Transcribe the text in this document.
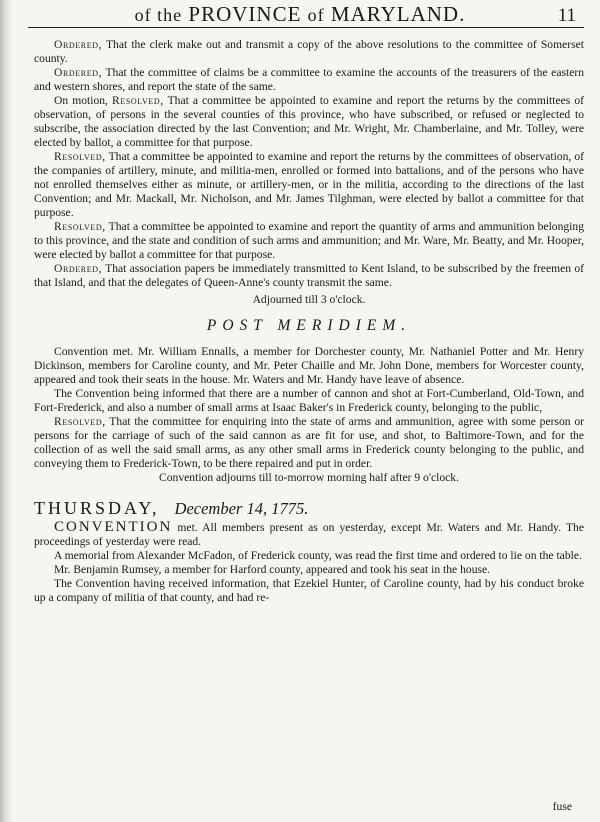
of the PROVINCE of MARYLAND.	11

Ordered, That the clerk make out and transmit a copy of the above resolutions to the committee of Somerset county.

Ordered, That the committee of claims be a committee to examine the accounts of the treasurers of the eastern and western shores, and report the state of the same.

On motion, Resolved, That a committee be appointed to examine and report the returns by the committees of observation, of persons in the several counties of this province, who have subscribed, or refused or neglected to subscribe, the association directed by the last Convention; and Mr. Wright, Mr. Chamberlaine, and Mr. Tolley, were elected by ballot, a committee for that purpose.

Resolved, That a committee be appointed to examine and report the returns by the committees of observation, of the companies of artillery, minute, and militia-men, enrolled or formed into battalions, and of the persons who have not enrolled themselves either as minute, or artillery-men, or in the militia, according to the directions of the last Convention; and Mr. Mackall, Mr. Nicholson, and Mr. James Tilghman, were elected by ballot a committee for that purpose.

Resolved, That a committee be appointed to examine and report the quantity of arms and ammunition belonging to this province, and the state and condition of such arms and ammunition; and Mr. Ware, Mr. Beatty, and Mr. Hooper, were elected by ballot a committee for that purpose.

Ordered, That association papers be immediately transmitted to Kent Island, to be subscribed by the freemen of that Island, and that the delegates of Queen-Anne's county transmit the same.

Adjourned till 3 o'clock.

POST MERIDIEM.

Convention met. Mr. William Ennalls, a member for Dorchester county, Mr. Nathaniel Potter and Mr. Henry Dickinson, members for Caroline county, and Mr. Peter Chaille and Mr. John Done, members for Worcester county, appeared and took their seats in the house. Mr. Waters and Mr. Handy have leave of absence.

The Convention being informed that there are a number of cannon and shot at Fort-Cumberland, Old-Town, and Fort-Frederick, and also a number of small arms at Isaac Baker's in Frederick county, belonging to the public,

Resolved, That the committee for enquiring into the state of arms and ammunition, agree with some person or persons for the carriage of such of the said cannon as are fit for use, and shot, to Baltimore-Town, and for the collection of as well the said small arms, as any other small arms in Frederick county belonging to the public, and conveying them to Frederick-Town, to be there repaired and put in order.

Convention adjourns till to-morrow morning half after 9 o'clock.

THURSDAY, December 14, 1775.

CONVENTION met. All members present as on yesterday, except Mr. Waters and Mr. Handy. The proceedings of yesterday were read.

A memorial from Alexander McFadon, of Frederick county, was read the first time and ordered to lie on the table.

Mr. Benjamin Rumsey, a member for Harford county, appeared and took his seat in the house.

The Convention having received information, that Ezekiel Hunter, of Caroline county, had by his conduct broke up a company of militia of that county, and had re-

fuse
